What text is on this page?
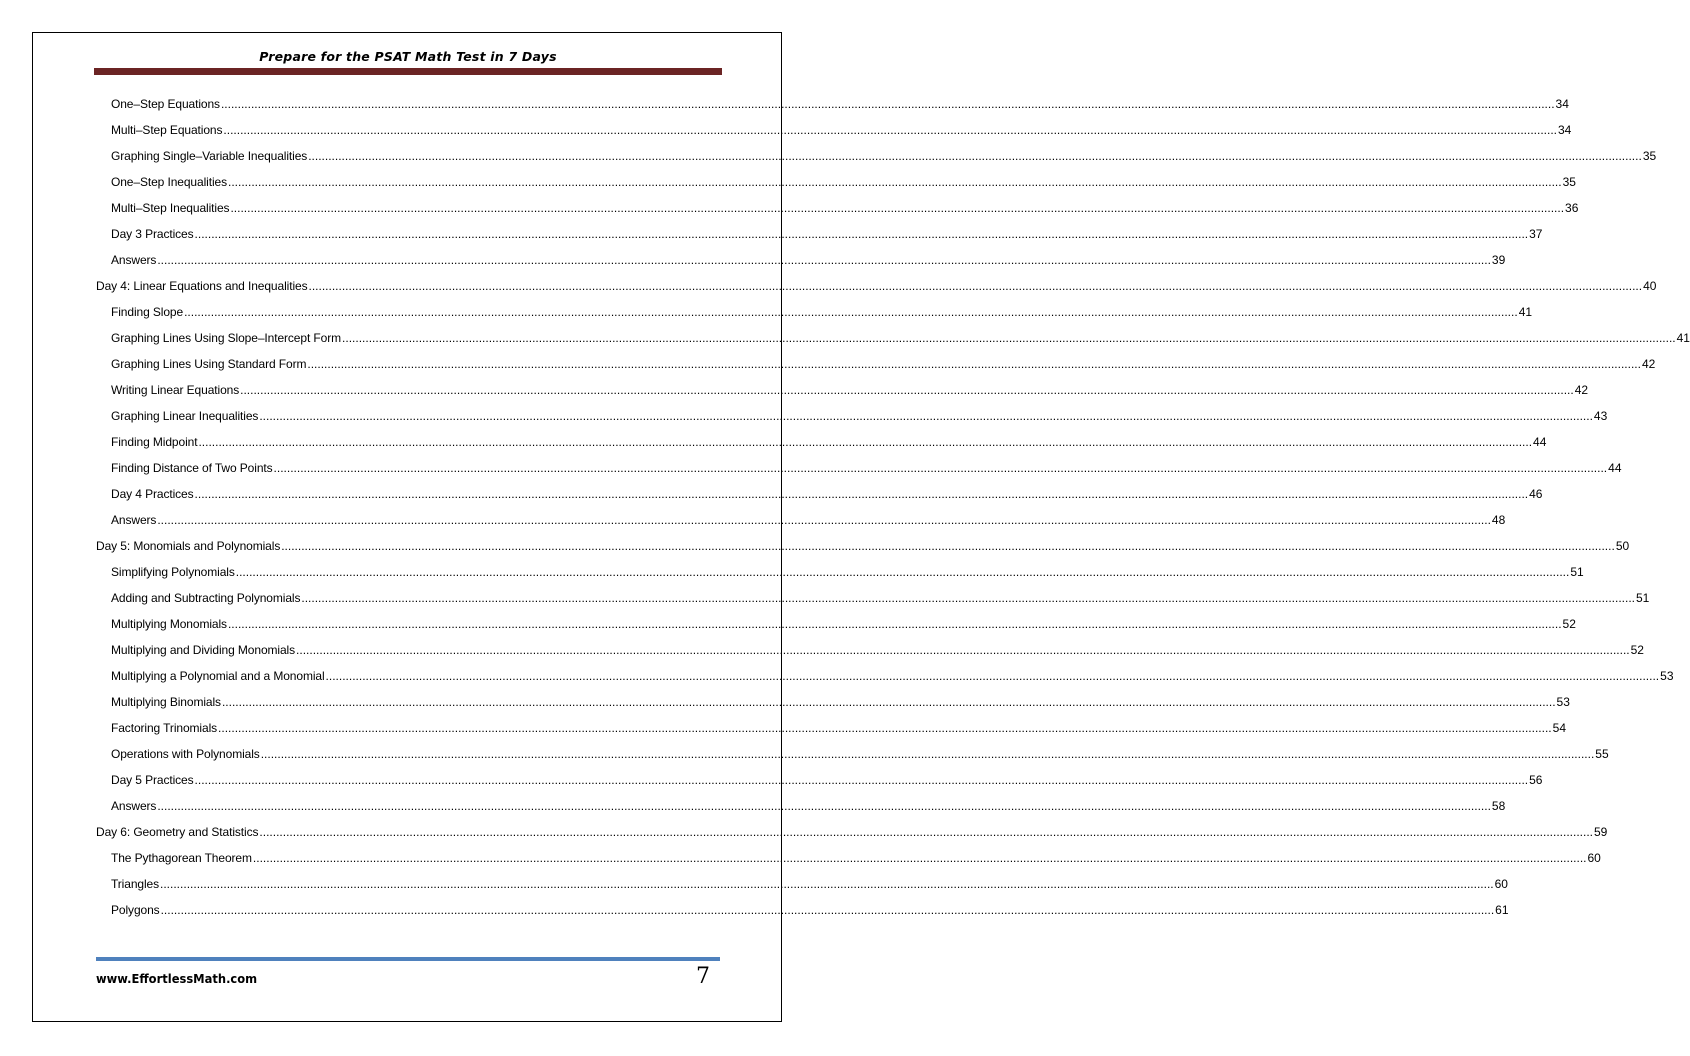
Prepare for the PSAT Math Test in 7 Days
One–Step Equations ................................................................................................................................................................................................................................................................................................................................................................................................................ 34
Multi–Step Equations ................................................................................................................................................................................................................................................................................................................................................................................................................ 34
Graphing Single–Variable Inequalities ................................................................................................................................................................................................................................................................................................................................................................................................................ 35
One–Step Inequalities ................................................................................................................................................................................................................................................................................................................................................................................................................ 35
Multi–Step Inequalities ................................................................................................................................................................................................................................................................................................................................................................................................................ 36
Day 3 Practices ................................................................................................................................................................................................................................................................................................................................................................................................................ 37
Answers ................................................................................................................................................................................................................................................................................................................................................................................................................ 39
Day 4: Linear Equations and Inequalities ................................................................................................................................................................................................................................................................................................................................................................................................................ 40
Finding Slope ................................................................................................................................................................................................................................................................................................................................................................................................................ 41
Graphing Lines Using Slope–Intercept Form ................................................................................................................................................................................................................................................................................................................................................................................................................ 41
Graphing Lines Using Standard Form ................................................................................................................................................................................................................................................................................................................................................................................................................ 42
Writing Linear Equations ................................................................................................................................................................................................................................................................................................................................................................................................................ 42
Graphing Linear Inequalities ................................................................................................................................................................................................................................................................................................................................................................................................................ 43
Finding Midpoint ................................................................................................................................................................................................................................................................................................................................................................................................................ 44
Finding Distance of Two Points ................................................................................................................................................................................................................................................................................................................................................................................................................ 44
Day 4 Practices ................................................................................................................................................................................................................................................................................................................................................................................................................ 46
Answers ................................................................................................................................................................................................................................................................................................................................................................................................................ 48
Day 5: Monomials and Polynomials ................................................................................................................................................................................................................................................................................................................................................................................................................ 50
Simplifying Polynomials ................................................................................................................................................................................................................................................................................................................................................................................................................ 51
Adding and Subtracting Polynomials ................................................................................................................................................................................................................................................................................................................................................................................................................ 51
Multiplying Monomials ................................................................................................................................................................................................................................................................................................................................................................................................................ 52
Multiplying and Dividing Monomials ................................................................................................................................................................................................................................................................................................................................................................................................................ 52
Multiplying a Polynomial and a Monomial ................................................................................................................................................................................................................................................................................................................................................................................................................ 53
Multiplying Binomials ................................................................................................................................................................................................................................................................................................................................................................................................................ 53
Factoring Trinomials ................................................................................................................................................................................................................................................................................................................................................................................................................ 54
Operations with Polynomials ................................................................................................................................................................................................................................................................................................................................................................................................................ 55
Day 5 Practices ................................................................................................................................................................................................................................................................................................................................................................................................................ 56
Answers ................................................................................................................................................................................................................................................................................................................................................................................................................ 58
Day 6: Geometry and Statistics ................................................................................................................................................................................................................................................................................................................................................................................................................ 59
The Pythagorean Theorem ................................................................................................................................................................................................................................................................................................................................................................................................................ 60
Triangles ................................................................................................................................................................................................................................................................................................................................................................................................................ 60
Polygons ................................................................................................................................................................................................................................................................................................................................................................................................................ 61
www.EffortlessMath.com	7
